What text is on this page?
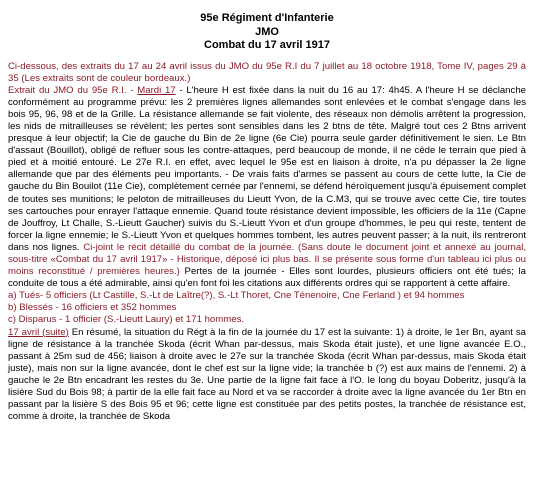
95e Régiment d'Infanterie
JMO
Combat du 17 avril 1917

Ci-dessous, des extraits du 17 au 24 avril issus du JMO du 95e R.I du 7 juillet au 18 octobre 1918, Tome IV, pages 29 à 35 (Les extraits sont de couleur bordeaux.)

Extrait du JMO du 95e R.I. - Mardi 17 - L'heure H est fixée dans la nuit du 16 au 17: 4h45. A l'heure H se déclanche conformément au programme prévu: les 2 premières lignes allemandes sont enlevées et le combat s'engage dans les bois 95, 96, 98 et de la Grille. La résistance allemande se fait violente, des réseaux non démolis arrêtent la progression, les nids de mitrailleuses se révèlent; les pertes sont sensibles dans les 2 btns de tête. Malgré tout ces 2 Btns arrivent presque à leur objectif; la Cie de gauche du Bin de 2e ligne (6e Cie) pourra seule garder définitivement le sien. Le Btn d'assaut (Bouillot), obligé de refluer sous les contre-attaques, perd beaucoup de monde, il ne cède le terrain que pied à pied et à moitié entouré. Le 27e R.I. en effet, avec lequel le 95e est en liaison à droite, n'a pu dépasser la 2e ligne allemande que par des éléments peu importants. - De vrais faits d'armes se passent au cours de cette lutte, la Cie de gauche du Bin Bouilot (11e Cie), complètement cernée par l'ennemi, se défend héroïquement jusqu'à épuisement complet de toutes ses munitions; le peloton de mitrailleuses du Lieutt Yvon, de la C.M3, qui se trouve avec cette Cie, tire toutes ses cartouches pour enrayer l'attaque ennemie. Quand toute résistance devient impossible, les officiers de la 11e (Capne de Jouffroy, Lt Challe, S.-Lieutt Gaucher) suivis du S.-Lieutt Yvon et d'un groupe d'hommes, le peu qui reste, tentent de forcer la ligne ennemie; le S.-Lieutt Yvon et quelques hommes tombent, les autres peuvent passer; à la nuit, ils rentreront dans nos lignes. Ci-joint le récit détaillé du combat de la journée. (Sans doute le document joint et annexé au journal, sous-titre «Combat du 17 avril 1917» - Historique, déposé ici plus bas. Il se présente sous forme d'un tableau ici plus ou moins reconstitué / premières heures.) Pertes de la journée - Elles sont lourdes, plusieurs officiers ont été tués; la conduite de tous a été admirable, ainsi qu'en font foi les citations aux différents ordres qui se rapportent à cette affaire.

a) Tués- 5 officiers (Lt Castille, S.-Lt de Laître(?), S.-Lt Thoret, Cne Ténenoire, Cne Ferland ) et 94 hommes

b) Blessés - 16 officiers et 352 hommes

c) Disparus - 1 officier (S.-Lieutt Laury) et 171 hommes.

17 avril (suite) En résumé, la situation du Régt à la fin de la journée du 17 est la suivante: 1) à droite, le 1er Bn, ayant sa ligne de résistance à la tranchée Skoda (écrit Whan par-dessus, mais Skoda était juste), et une ligne avancée E.O., passant à 25m sud de 456; liaison à droite avec le 27e sur la tranchée Skoda (écrit Whan par-dessus, mais Skoda était juste), mais non sur la ligne avancée, dont le chef est sur la ligne vide; la tranchée b (?) est aux mains de l'ennemi. 2) à gauche le 2e Btn encadrant les restes du 3e. Une partie de la ligne fait face à l'O. le long du boyau Doberitz, jusqu'à la lisière Sud du Bois 98; à partir de la elle fait face au Nord et va se raccorder à droite avec la ligne avancée du 1er Btn en passant par la lisière S des Bois 95 et 96; cette ligne est constituée par des petits postes, la tranchée de résistance est, comme à droite, la tranchée de Skoda
